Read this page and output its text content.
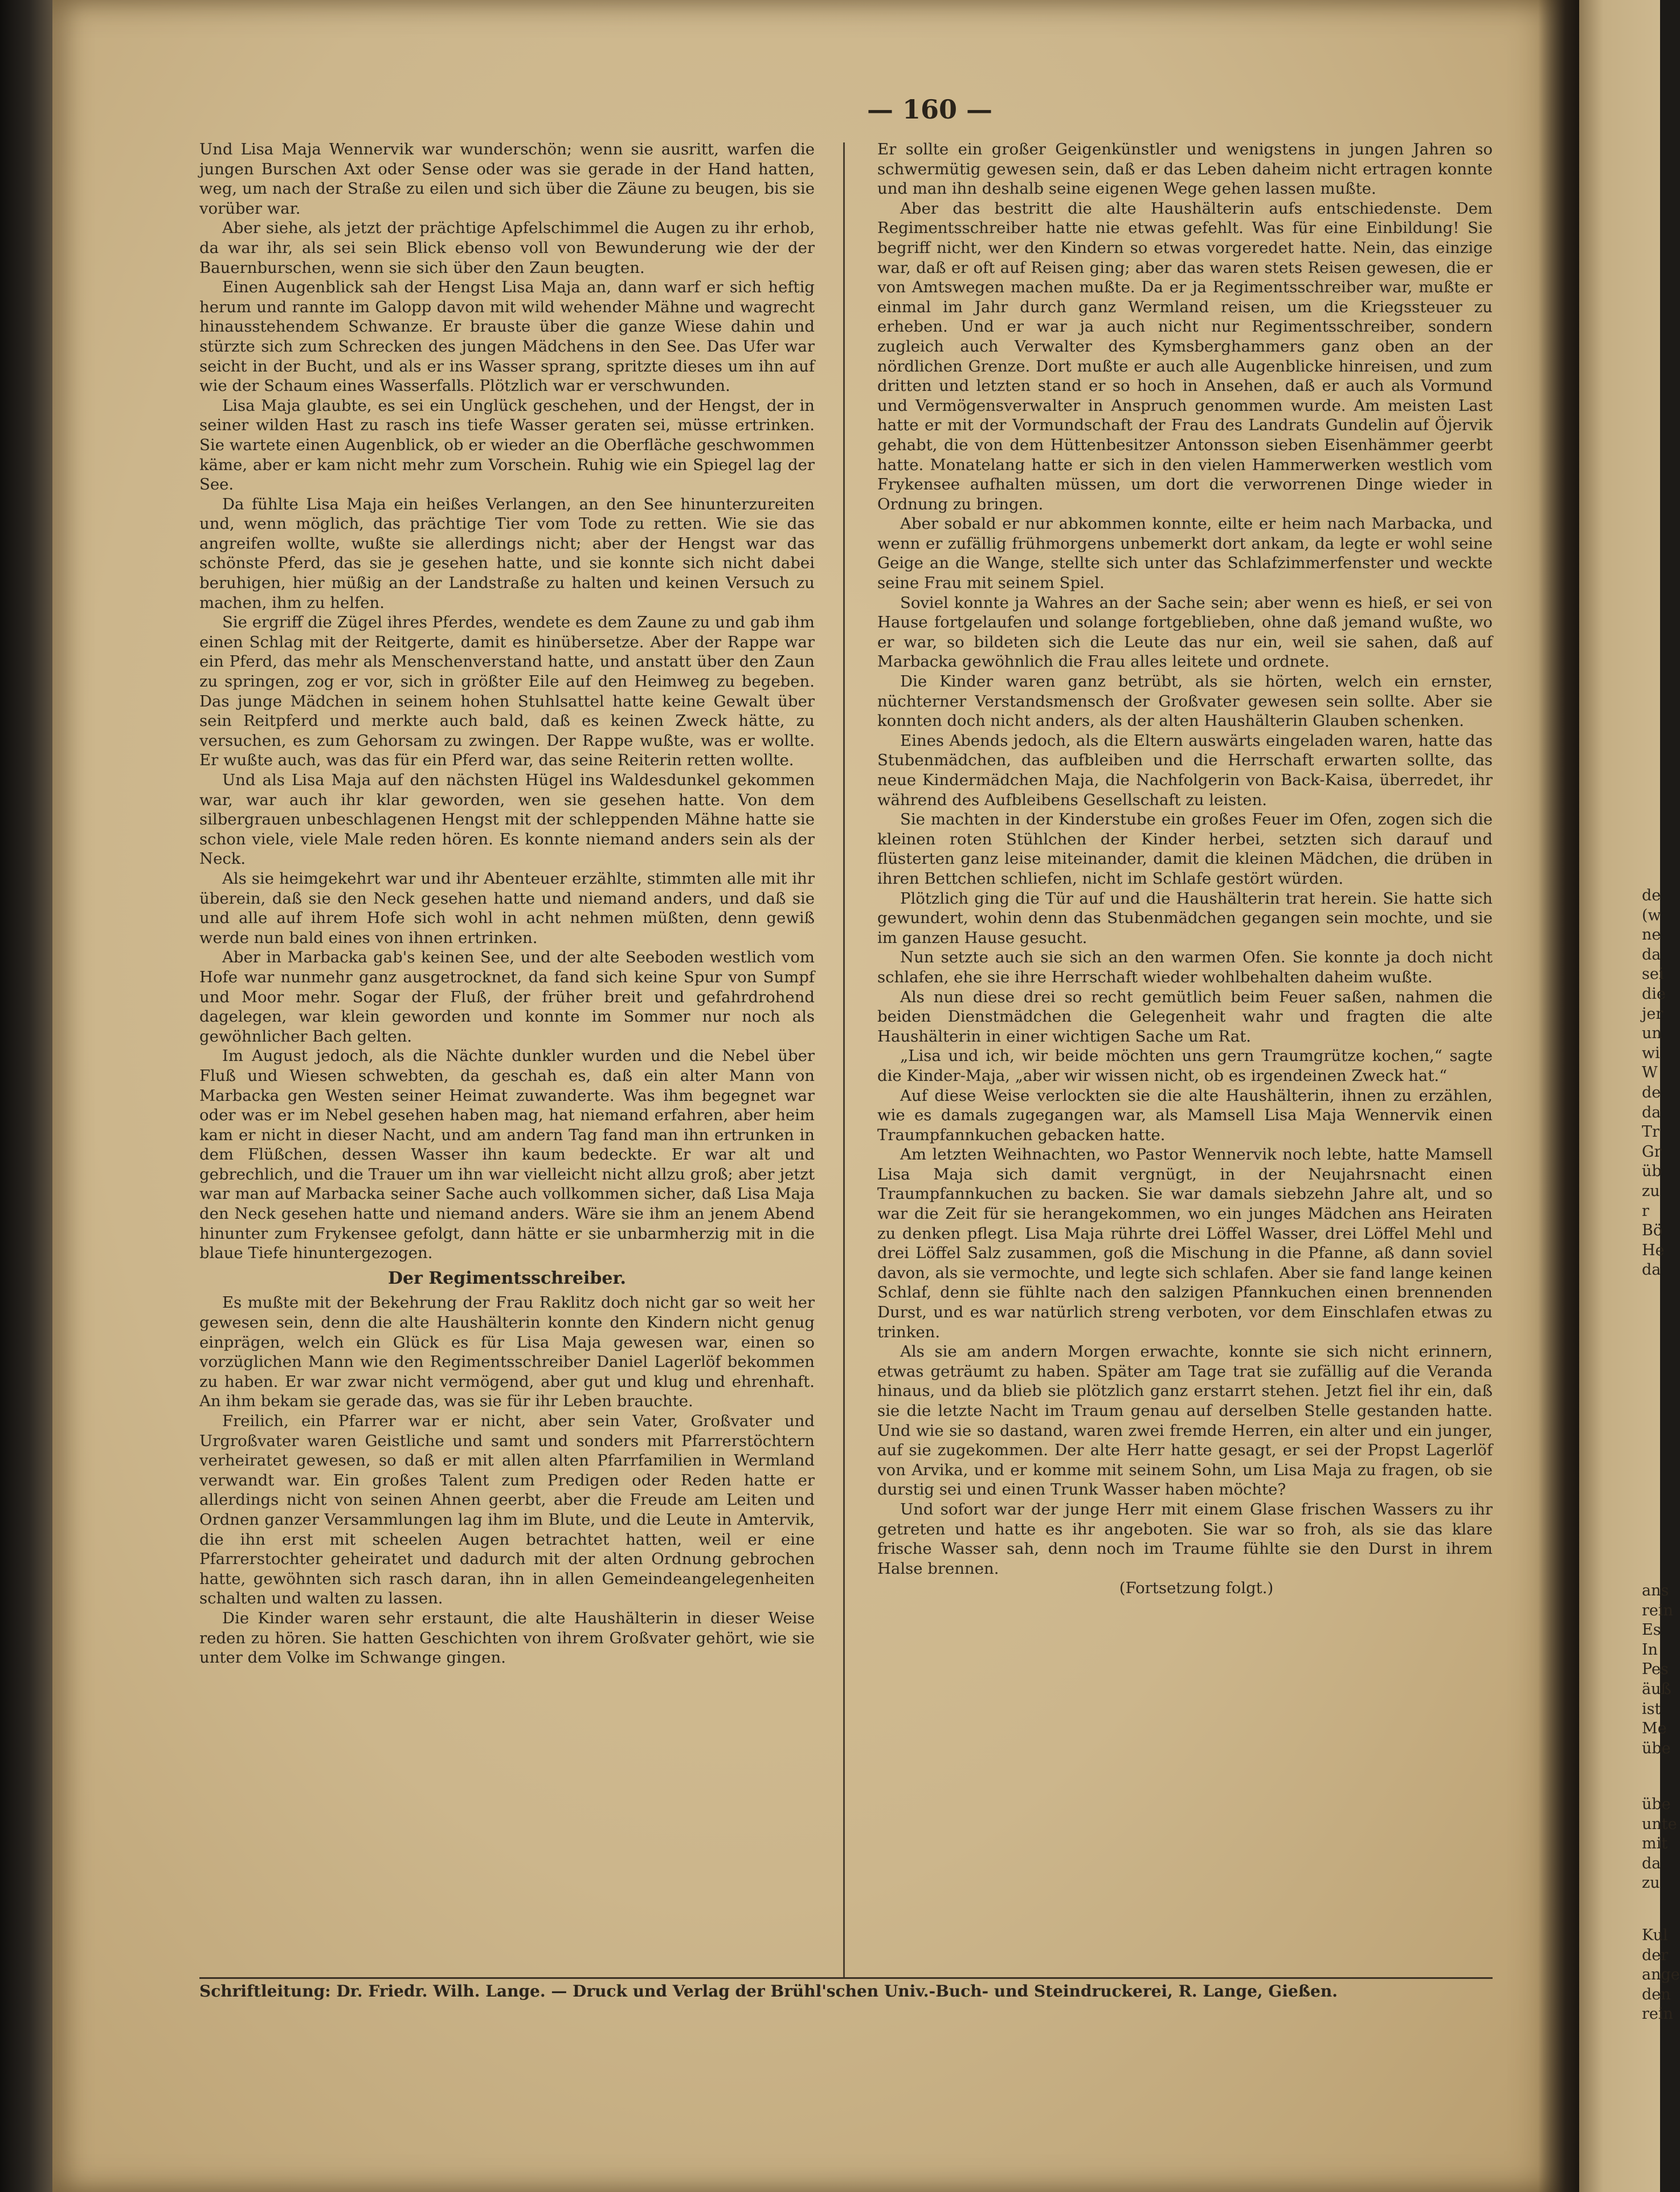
— 160 —

Und Lisa Maja Wennervik war wunderschön; wenn sie ausritt, warfen die jungen Burschen Axt oder Sense oder was sie gerade in der Hand hatten, weg, um nach der Straße zu eilen und sich über die Zäune zu beugen, bis sie vorüber war.

Aber siehe, als jetzt der prächtige Apfelschimmel die Augen zu ihr erhob, da war ihr, als sei sein Blick ebenso voll von Bewunderung wie der der Bauernburschen, wenn sie sich über den Zaun beugten.

Einen Augenblick sah der Hengst Lisa Maja an, dann warf er sich heftig herum und rannte im Galopp davon mit wild wehender Mähne und wagrecht hinausstehendem Schwanze. Er brauste über die ganze Wiese dahin und stürzte sich zum Schrecken des jungen Mädchens in den See. Das Ufer war seicht in der Bucht, und als er ins Wasser sprang, spritzte dieses um ihn auf wie der Schaum eines Wasserfalls. Plötzlich war er verschwunden.

Lisa Maja glaubte, es sei ein Unglück geschehen, und der Hengst, der in seiner wilden Hast zu rasch ins tiefe Wasser geraten sei, müsse ertrinken. Sie wartete einen Augenblick, ob er wieder an die Oberfläche geschwommen käme, aber er kam nicht mehr zum Vorschein. Ruhig wie ein Spiegel lag der See.

Da fühlte Lisa Maja ein heißes Verlangen, an den See hinunterzureiten und, wenn möglich, das prächtige Tier vom Tode zu retten. Wie sie das angreifen wollte, wußte sie allerdings nicht; aber der Hengst war das schönste Pferd, das sie je gesehen hatte, und sie konnte sich nicht dabei beruhigen, hier müßig an der Landstraße zu halten und keinen Versuch zu machen, ihm zu helfen.

Sie ergriff die Zügel ihres Pferdes, wendete es dem Zaune zu und gab ihm einen Schlag mit der Reitgerte, damit es hinübersetze. Aber der Rappe war ein Pferd, das mehr als Menschenverstand hatte, und anstatt über den Zaun zu springen, zog er vor, sich in größter Eile auf den Heimweg zu begeben. Das junge Mädchen in seinem hohen Stuhlsattel hatte keine Gewalt über sein Reitpferd und merkte auch bald, daß es keinen Zweck hätte, zu versuchen, es zum Gehorsam zu zwingen. Der Rappe wußte, was er wollte. Er wußte auch, was das für ein Pferd war, das seine Reiterin retten wollte.

Und als Lisa Maja auf den nächsten Hügel ins Waldesdunkel gekommen war, war auch ihr klar geworden, wen sie gesehen hatte. Von dem silbergrauen unbeschlagenen Hengst mit der schleppenden Mähne hatte sie schon viele, viele Male reden hören. Es konnte niemand anders sein als der Neck.

Als sie heimgekehrt war und ihr Abenteuer erzählte, stimmten alle mit ihr überein, daß sie den Neck gesehen hatte und niemand anders, und daß sie und alle auf ihrem Hofe sich wohl in acht nehmen müßten, denn gewiß werde nun bald eines von ihnen ertrinken.

Aber in Marbacka gab's keinen See, und der alte Seeboden westlich vom Hofe war nunmehr ganz ausgetrocknet, da fand sich keine Spur von Sumpf und Moor mehr. Sogar der Fluß, der früher breit und gefahrdrohend dagelegen, war klein geworden und konnte im Sommer nur noch als gewöhnlicher Bach gelten.

Im August jedoch, als die Nächte dunkler wurden und die Nebel über Fluß und Wiesen schwebten, da geschah es, daß ein alter Mann von Marbacka gen Westen seiner Heimat zuwanderte. Was ihm begegnet war oder was er im Nebel gesehen haben mag, hat niemand erfahren, aber heim kam er nicht in dieser Nacht, und am andern Tag fand man ihn ertrunken in dem Flüßchen, dessen Wasser ihn kaum bedeckte. Er war alt und gebrechlich, und die Trauer um ihn war vielleicht nicht allzu groß; aber jetzt war man auf Marbacka seiner Sache auch vollkommen sicher, daß Lisa Maja den Neck gesehen hatte und niemand anders. Wäre sie ihm an jenem Abend hinunter zum Frykensee gefolgt, dann hätte er sie unbarmherzig mit in die blaue Tiefe hinuntergezogen.

Der Regimentsschreiber.

Es mußte mit der Bekehrung der Frau Raklitz doch nicht gar so weit her gewesen sein, denn die alte Haushälterin konnte den Kindern nicht genug einprägen, welch ein Glück es für Lisa Maja gewesen war, einen so vorzüglichen Mann wie den Regimentsschreiber Daniel Lagerlöf bekommen zu haben. Er war zwar nicht vermögend, aber gut und klug und ehrenhaft. An ihm bekam sie gerade das, was sie für ihr Leben brauchte.

Freilich, ein Pfarrer war er nicht, aber sein Vater, Großvater und Urgroßvater waren Geistliche und samt und sonders mit Pfarrerstöchtern verheiratet gewesen, so daß er mit allen alten Pfarrfamilien in Wermland verwandt war. Ein großes Talent zum Predigen oder Reden hatte er allerdings nicht von seinen Ahnen geerbt, aber die Freude am Leiten und Ordnen ganzer Versammlungen lag ihm im Blute, und die Leute in Amtervik, die ihn erst mit scheelen Augen betrachtet hatten, weil er eine Pfarrerstochter geheiratet und dadurch mit der alten Ordnung gebrochen hatte, gewöhnten sich rasch daran, ihn in allen Gemeindeangelegenheiten schalten und walten zu lassen.

Die Kinder waren sehr erstaunt, die alte Haushälterin in dieser Weise reden zu hören. Sie hatten Geschichten von ihrem Großvater gehört, wie sie unter dem Volke im Schwange gingen.

Er sollte ein großer Geigenkünstler und wenigstens in jungen Jahren so schwermütig gewesen sein, daß er das Leben daheim nicht ertragen konnte und man ihn deshalb seine eigenen Wege gehen lassen mußte.

Aber das bestritt die alte Haushälterin aufs entschiedenste. Dem Regimentsschreiber hatte nie etwas gefehlt. Was für eine Einbildung! Sie begriff nicht, wer den Kindern so etwas vorgeredet hatte. Nein, das einzige war, daß er oft auf Reisen ging; aber das waren stets Reisen gewesen, die er von Amtswegen machen mußte. Da er ja Regimentsschreiber war, mußte er einmal im Jahr durch ganz Wermland reisen, um die Kriegssteuer zu erheben. Und er war ja auch nicht nur Regimentsschreiber, sondern zugleich auch Verwalter des Kymsberghammers ganz oben an der nördlichen Grenze. Dort mußte er auch alle Augenblicke hinreisen, und zum dritten und letzten stand er so hoch in Ansehen, daß er auch als Vormund und Vermögensverwalter in Anspruch genommen wurde. Am meisten Last hatte er mit der Vormundschaft der Frau des Landrats Gundelin auf Öjervik gehabt, die von dem Hüttenbesitzer Antonsson sieben Eisenhämmer geerbt hatte. Monatelang hatte er sich in den vielen Hammerwerken westlich vom Frykensee aufhalten müssen, um dort die verworrenen Dinge wieder in Ordnung zu bringen.

Aber sobald er nur abkommen konnte, eilte er heim nach Marbacka, und wenn er zufällig frühmorgens unbemerkt dort ankam, da legte er wohl seine Geige an die Wange, stellte sich unter das Schlafzimmerfenster und weckte seine Frau mit seinem Spiel.

Soviel konnte ja Wahres an der Sache sein; aber wenn es hieß, er sei von Hause fortgelaufen und solange fortgeblieben, ohne daß jemand wußte, wo er war, so bildeten sich die Leute das nur ein, weil sie sahen, daß auf Marbacka gewöhnlich die Frau alles leitete und ordnete.

Die Kinder waren ganz betrübt, als sie hörten, welch ein ernster, nüchterner Verstandsmensch der Großvater gewesen sein sollte. Aber sie konnten doch nicht anders, als der alten Haushälterin Glauben schenken.

Eines Abends jedoch, als die Eltern auswärts eingeladen waren, hatte das Stubenmädchen, das aufbleiben und die Herrschaft erwarten sollte, das neue Kindermädchen Maja, die Nachfolgerin von Back-Kaisa, überredet, ihr während des Aufbleibens Gesellschaft zu leisten.

Sie machten in der Kinderstube ein großes Feuer im Ofen, zogen sich die kleinen roten Stühlchen der Kinder herbei, setzten sich darauf und flüsterten ganz leise miteinander, damit die kleinen Mädchen, die drüben in ihren Bettchen schliefen, nicht im Schlafe gestört würden.

Plötzlich ging die Tür auf und die Haushälterin trat herein. Sie hatte sich gewundert, wohin denn das Stubenmädchen gegangen sein mochte, und sie im ganzen Hause gesucht.

Nun setzte auch sie sich an den warmen Ofen. Sie konnte ja doch nicht schlafen, ehe sie ihre Herrschaft wieder wohlbehalten daheim wußte.

Als nun diese drei so recht gemütlich beim Feuer saßen, nahmen die beiden Dienstmädchen die Gelegenheit wahr und fragten die alte Haushälterin in einer wichtigen Sache um Rat.

„Lisa und ich, wir beide möchten uns gern Traumgrütze kochen,“ sagte die Kinder-Maja, „aber wir wissen nicht, ob es irgendeinen Zweck hat.“

Auf diese Weise verlockten sie die alte Haushälterin, ihnen zu erzählen, wie es damals zugegangen war, als Mamsell Lisa Maja Wennervik einen Traumpfannkuchen gebacken hatte.

Am letzten Weihnachten, wo Pastor Wennervik noch lebte, hatte Mamsell Lisa Maja sich damit vergnügt, in der Neujahrsnacht einen Traumpfannkuchen zu backen. Sie war damals siebzehn Jahre alt, und so war die Zeit für sie herangekommen, wo ein junges Mädchen ans Heiraten zu denken pflegt. Lisa Maja rührte drei Löffel Wasser, drei Löffel Mehl und drei Löffel Salz zusammen, goß die Mischung in die Pfanne, aß dann soviel davon, als sie vermochte, und legte sich schlafen. Aber sie fand lange keinen Schlaf, denn sie fühlte nach den salzigen Pfannkuchen einen brennenden Durst, und es war natürlich streng verboten, vor dem Einschlafen etwas zu trinken.

Als sie am andern Morgen erwachte, konnte sie sich nicht erinnern, etwas geträumt zu haben. Später am Tage trat sie zufällig auf die Veranda hinaus, und da blieb sie plötzlich ganz erstarrt stehen. Jetzt fiel ihr ein, daß sie die letzte Nacht im Traum genau auf derselben Stelle gestanden hatte. Und wie sie so dastand, waren zwei fremde Herren, ein alter und ein junger, auf sie zugekommen. Der alte Herr hatte gesagt, er sei der Propst Lagerlöf von Arvika, und er komme mit seinem Sohn, um Lisa Maja zu fragen, ob sie durstig sei und einen Trunk Wasser haben möchte?

Und sofort war der junge Herr mit einem Glase frischen Wassers zu ihr getreten und hatte es ihr angeboten. Sie war so froh, als sie das klare frische Wasser sah, denn noch im Traume fühlte sie den Durst in ihrem Halse brennen.

(Fortsetzung folgt.)

Schriftleitung: Dr. Friedr. Wilh. Lange. — Druck und Verlag der Brühl'schen Univ.-Buch- und Steindruckerei, R. Lange, Gießen.
de
(w
ne
da
sei
die
jer
un
wi
W
de
da
Tr
Gr
üb
zu
r
Bö
He
da
ans
rein
Es
In
Pes
äuß
ist
Me
übe
übe
unte
mit
da
zu
Kul
der
ange
den
rein
